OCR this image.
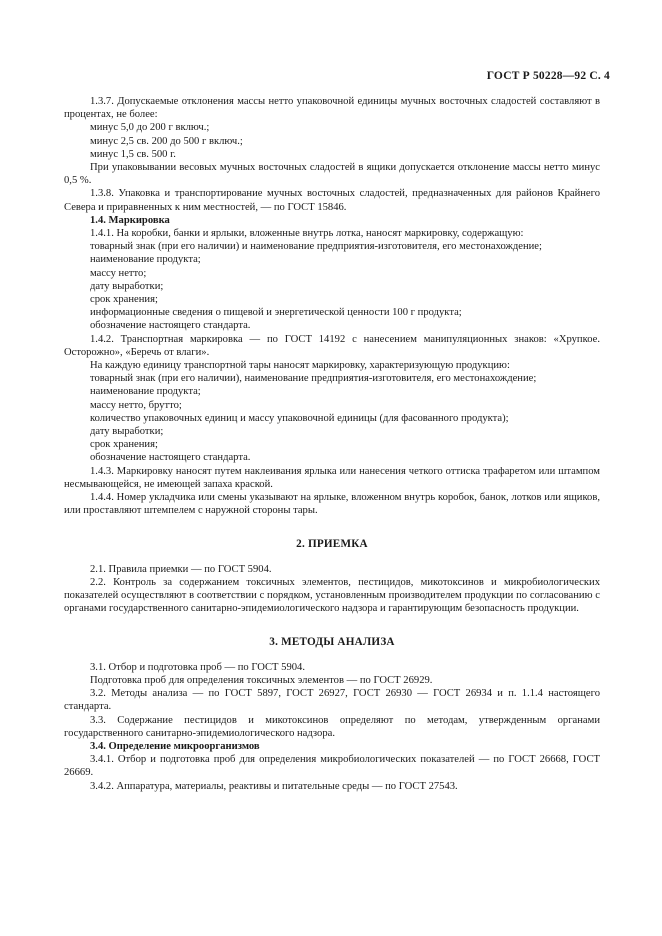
ГОСТ Р 50228—92 С. 4

1.3.7. Допускаемые отклонения массы нетто упаковочной единицы мучных восточных сладостей составляют в процентах, не более:

минус 5,0 до 200 г включ.;

минус 2,5 св. 200 до 500 г включ.;

минус 1,5 св. 500 г.

При упаковывании весовых мучных восточных сладостей в ящики допускается отклонение массы нетто минус 0,5 %.

1.3.8. Упаковка и транспортирование мучных восточных сладостей, предназначенных для районов Крайнего Севера и приравненных к ним местностей, — по ГОСТ 15846.

1.4. Маркировка

1.4.1. На коробки, банки и ярлыки, вложенные внутрь лотка, наносят маркировку, содержащую:

товарный знак (при его наличии) и наименование предприятия-изготовителя, его местонахождение;

наименование продукта;

массу нетто;

дату выработки;

срок хранения;

информационные сведения о пищевой и энергетической ценности 100 г продукта;

обозначение настоящего стандарта.

1.4.2. Транспортная маркировка — по ГОСТ 14192 с нанесением манипуляционных знаков: «Хрупкое. Осторожно», «Беречь от влаги».

На каждую единицу транспортной тары наносят маркировку, характеризующую продукцию:

товарный знак (при его наличии), наименование предприятия-изготовителя, его местонахождение;

наименование продукта;

массу нетто, брутто;

количество упаковочных единиц и массу упаковочной единицы (для фасованного продукта);

дату выработки;

срок хранения;

обозначение настоящего стандарта.

1.4.3. Маркировку наносят путем наклеивания ярлыка или нанесения четкого оттиска трафаретом или штампом несмывающейся, не имеющей запаха краской.

1.4.4. Номер укладчика или смены указывают на ярлыке, вложенном внутрь коробок, банок, лотков или ящиков, или проставляют штемпелем с наружной стороны тары.

2. ПРИЕМКА

2.1. Правила приемки — по ГОСТ 5904.

2.2. Контроль за содержанием токсичных элементов, пестицидов, микотоксинов и микробиологических показателей осуществляют в соответствии с порядком, установленным производителем продукции по согласованию с органами государственного санитарно-эпидемиологического надзора и гарантирующим безопасность продукции.

3. МЕТОДЫ АНАЛИЗА

3.1. Отбор и подготовка проб — по ГОСТ 5904.

Подготовка проб для определения токсичных элементов — по ГОСТ 26929.

3.2. Методы анализа — по ГОСТ 5897, ГОСТ 26927, ГОСТ 26930 — ГОСТ 26934 и п. 1.1.4 настоящего стандарта.

3.3. Содержание пестицидов и микотоксинов определяют по методам, утвержденным органами государственного санитарно-эпидемиологического надзора.

3.4. Определение микроорганизмов

3.4.1. Отбор и подготовка проб для определения микробиологических показателей — по ГОСТ 26668, ГОСТ 26669.

3.4.2. Аппаратура, материалы, реактивы и питательные среды — по ГОСТ 27543.
